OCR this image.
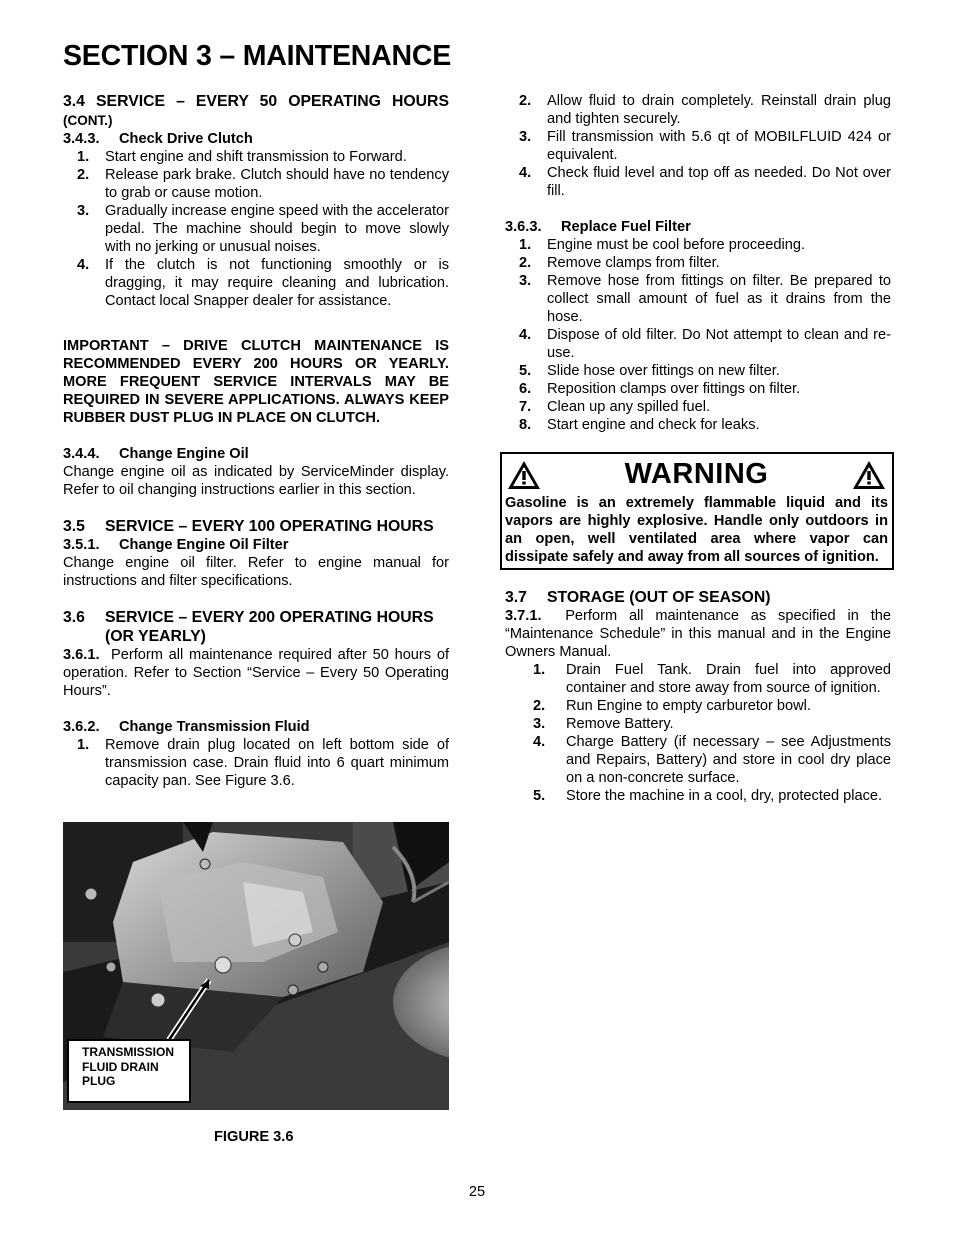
SECTION 3 – MAINTENANCE

3.4 SERVICE – EVERY 50 OPERATING HOURS (CONT.)

3.4.3. Check Drive Clutch

1.	Start engine and shift transmission to Forward.
2.	Release park brake. Clutch should have no tendency to grab or cause motion.
3.	Gradually increase engine speed with the accelerator pedal. The machine should begin to move slowly with no jerking or unusual noises.
4.	If the clutch is not functioning smoothly or is dragging, it may require cleaning and lubrication. Contact local Snapper dealer for assistance.

IMPORTANT – DRIVE CLUTCH MAINTENANCE IS RECOMMENDED EVERY 200 HOURS OR YEARLY. MORE FREQUENT SERVICE INTERVALS MAY BE REQUIRED IN SEVERE APPLICATIONS. ALWAYS KEEP RUBBER DUST PLUG IN PLACE ON CLUTCH.

3.4.4. Change Engine Oil

Change engine oil as indicated by ServiceMinder display. Refer to oil changing instructions earlier in this section.

3.5	SERVICE – EVERY 100 OPERATING HOURS

3.5.1. Change Engine Oil Filter

Change engine oil filter. Refer to engine manual for instructions and filter specifications.

3.6	SERVICE – EVERY 200 OPERATING HOURS (OR YEARLY)

3.6.1. Perform all maintenance required after 50 hours of operation. Refer to Section “Service – Every 50 Operating Hours”.

3.6.2. Change Transmission Fluid

1.	Remove drain plug located on left bottom side of transmission case. Drain fluid into 6 quart minimum capacity pan. See Figure 3.6.
TRANSMISSION
FLUID DRAIN
PLUG

FIGURE 3.6

2.	Allow fluid to drain completely. Reinstall drain plug and tighten securely.
3.	Fill transmission with 5.6 qt of MOBILFLUID 424 or equivalent.
4.	Check fluid level and top off as needed. Do Not over fill.

3.6.3. Replace Fuel Filter

1.	Engine must be cool before proceeding.
2.	Remove clamps from filter.
3.	Remove hose from fittings on filter. Be prepared to collect small amount of fuel as it drains from the hose.
4.	Dispose of old filter. Do Not attempt to clean and re-use.
5.	Slide hose over fittings on new filter.
6.	Reposition clamps over fittings on filter.
7.	Clean up any spilled fuel.
8.	Start engine and check for leaks.
WARNING

Gasoline is an extremely flammable liquid and its vapors are highly explosive. Handle only outdoors in an open, well ventilated area where vapor can dissipate safely and away from all sources of ignition.

3.7	STORAGE (OUT OF SEASON)

3.7.1. Perform all maintenance as specified in the “Maintenance Schedule” in this manual and in the Engine Owners Manual.

1.	Drain Fuel Tank. Drain fuel into approved container and store away from source of ignition.
2.	Run Engine to empty carburetor bowl.
3.	Remove Battery.
4.	Charge Battery (if necessary – see Adjustments and Repairs, Battery) and store in cool dry place on a non-concrete surface.
5.	Store the machine in a cool, dry, protected place.

25
